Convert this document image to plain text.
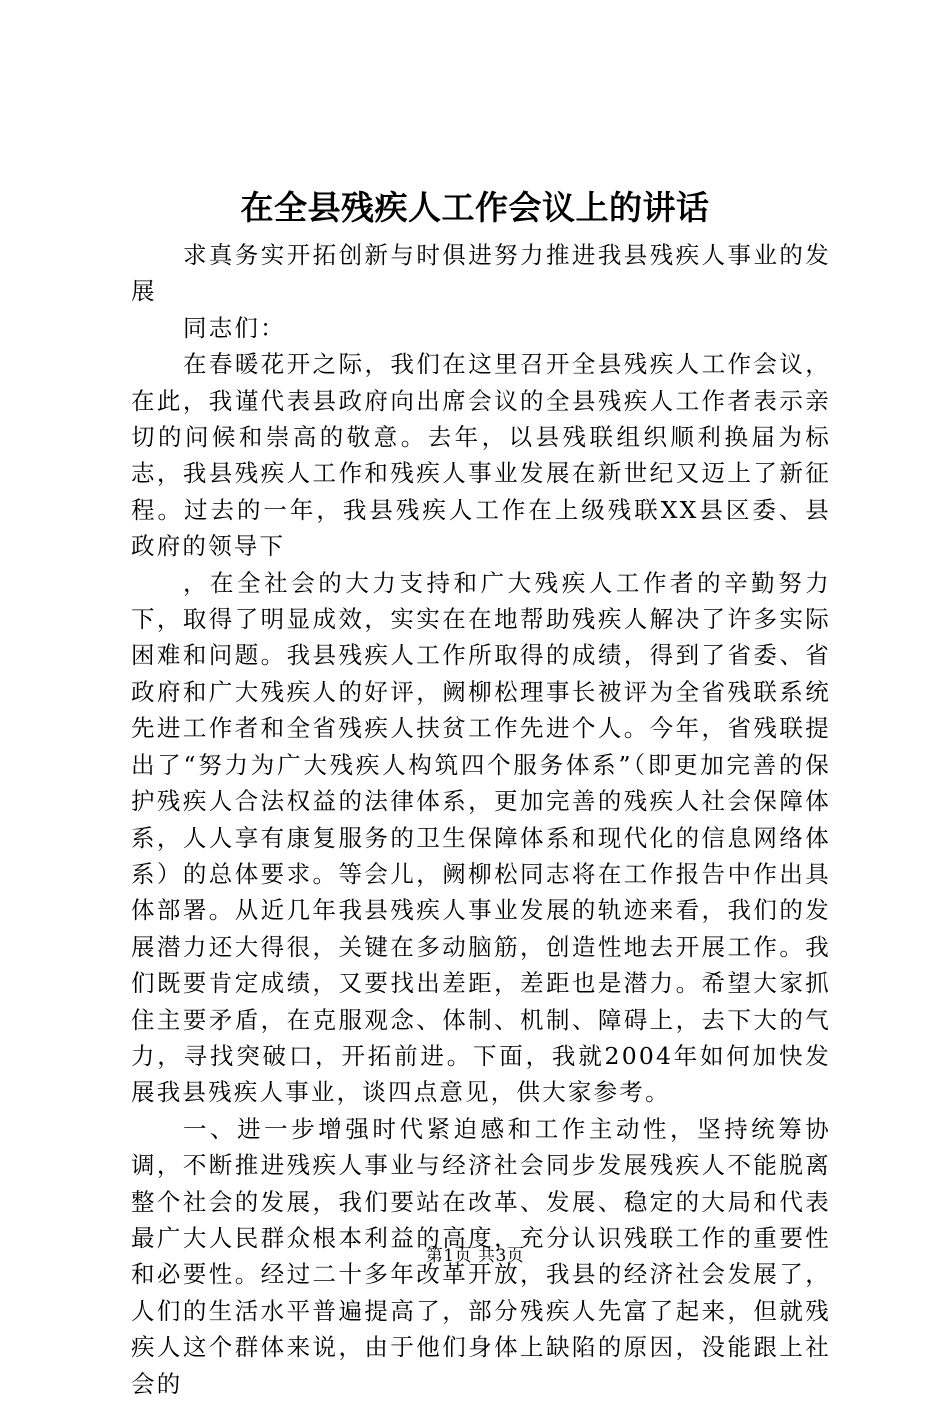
在全县残疾人工作会议上的讲话

求真务实开拓创新与时俱进努力推进我县残疾人事业的发展

同志们：

在春暖花开之际，我们在这里召开全县残疾人工作会议，在此，我谨代表县政府向出席会议的全县残疾人工作者表示亲切的问候和崇高的敬意。去年，以县残联组织顺利换届为标志，我县残疾人工作和残疾人事业发展在新世纪又迈上了新征程。过去的一年，我县残疾人工作在上级残联XX县区委、县政府的领导下

，在全社会的大力支持和广大残疾人工作者的辛勤努力下，取得了明显成效，实实在在地帮助残疾人解决了许多实际困难和问题。我县残疾人工作所取得的成绩，得到了省委、省政府和广大残疾人的好评，阙柳松理事长被评为全省残联系统先进工作者和全省残疾人扶贫工作先进个人。今年，省残联提出了“努力为广大残疾人构筑四个服务体系”（即更加完善的保护残疾人合法权益的法律体系，更加完善的残疾人社会保障体系，人人享有康复服务的卫生保障体系和现代化的信息网络体系）的总体要求。等会儿，阙柳松同志将在工作报告中作出具体部署。从近几年我县残疾人事业发展的轨迹来看，我们的发展潜力还大得很，关键在多动脑筋，创造性地去开展工作。我们既要肯定成绩，又要找出差距，差距也是潜力。希望大家抓住主要矛盾，在克服观念、体制、机制、障碍上，去下大的气力，寻找突破口，开拓前进。下面，我就2004年如何加快发展我县残疾人事业，谈四点意见，供大家参考。

一、进一步增强时代紧迫感和工作主动性，坚持统筹协调，不断推进残疾人事业与经济社会同步发展残疾人不能脱离整个社会的发展，我们要站在改革、发展、稳定的大局和代表最广大人民群众根本利益的高度，充分认识残联工作的重要性和必要性。经过二十多年改革开放，我县的经济社会发展了，人们的生活水平普遍提高了，部分残疾人先富了起来，但就残疾人这个群体来说，由于他们身体上缺陷的原因，没能跟上社会的

第1页 共3页
